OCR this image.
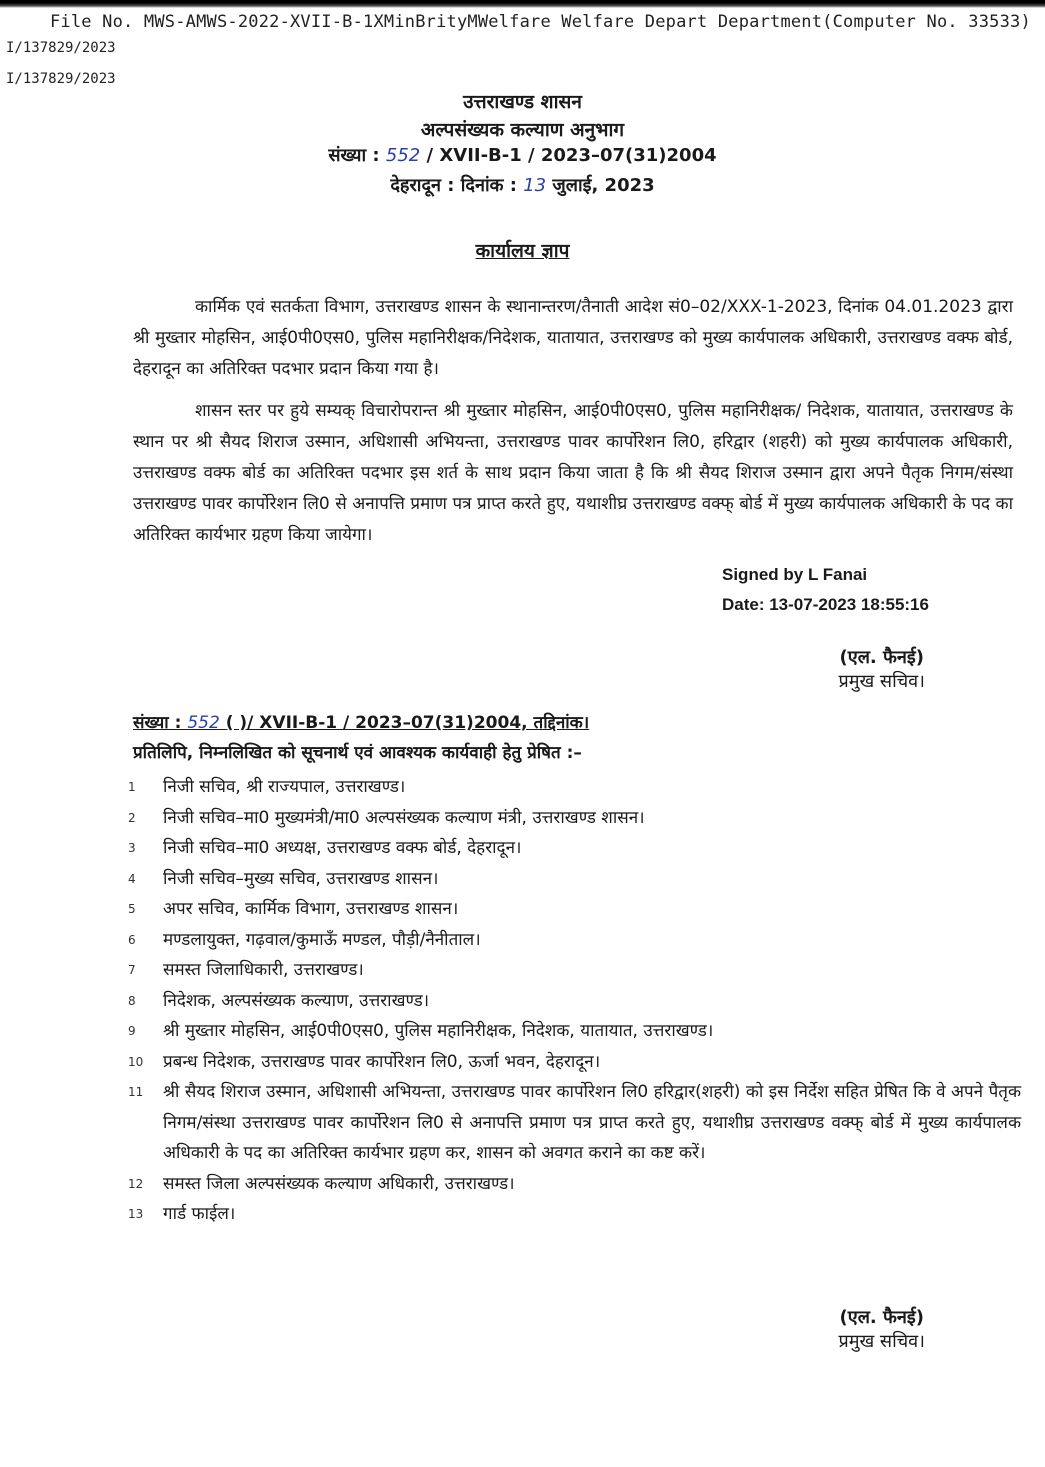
File No. MWS-AMWS-2022-XVII-B-1XMinBrityMWelfare Welfare Depart Department(Computer No. 33533)
I/137829/2023
I/137829/2023
उत्तराखण्ड शासन
अल्पसंख्यक कल्याण अनुभाग
संख्या : 552 / XVII-B-1 / 2023–07(31)2004
देहरादून : दिनांक : 13 जुलाई, 2023
कार्यालय ज्ञाप
कार्मिक एवं सतर्कता विभाग, उत्तराखण्ड शासन के स्थानान्तरण/तैनाती आदेश सं0–02/XXX-1-2023, दिनांक 04.01.2023 द्वारा श्री मुख्तार मोहसिन, आई0पी0एस0, पुलिस महानिरीक्षक/निदेशक, यातायात, उत्तराखण्ड को मुख्य कार्यपालक अधिकारी, उत्तराखण्ड वक्फ बोर्ड, देहरादून का अतिरिक्त पदभार प्रदान किया गया है।
शासन स्तर पर हुये सम्यक् विचारोपरान्त श्री मुख्तार मोहसिन, आई0पी0एस0, पुलिस महानिरीक्षक/ निदेशक, यातायात, उत्तराखण्ड के स्थान पर श्री सैयद शिराज उस्मान, अधिशासी अभियन्ता, उत्तराखण्ड पावर कार्पोरेशन लि0, हरिद्वार (शहरी) को मुख्य कार्यपालक अधिकारी, उत्तराखण्ड वक्फ बोर्ड का अतिरिक्त पदभार इस शर्त के साथ प्रदान किया जाता है कि श्री सैयद शिराज उस्मान द्वारा अपने पैतृक निगम/संस्था उत्तराखण्ड पावर कार्पोरेशन लि0 से अनापत्ति प्रमाण पत्र प्राप्त करते हुए, यथाशीघ्र उत्तराखण्ड वक्फ् बोर्ड में मुख्य कार्यपालक अधिकारी के पद का अतिरिक्त कार्यभार ग्रहण किया जायेगा।
Signed by L Fanai
Date: 13-07-2023 18:55:16
(एल. फैनई)
प्रमुख सचिव।
संख्या : 552 ( )/ XVII-B-1 / 2023–07(31)2004, तद्दिनांक।
प्रतिलिपि, निम्नलिखित को सूचनार्थ एवं आवश्यक कार्यवाही हेतु प्रेषित :–
1	निजी सचिव, श्री राज्यपाल, उत्तराखण्ड।
2	निजी सचिव–मा0 मुख्यमंत्री/मा0 अल्पसंख्यक कल्याण मंत्री, उत्तराखण्ड शासन।
3	निजी सचिव–मा0 अध्यक्ष, उत्तराखण्ड वक्फ बोर्ड, देहरादून।
4	निजी सचिव–मुख्य सचिव, उत्तराखण्ड शासन।
5	अपर सचिव, कार्मिक विभाग, उत्तराखण्ड शासन।
6	मण्डलायुक्त, गढ़वाल/कुमाऊँ मण्डल, पौड़ी/नैनीताल।
7	समस्त जिलाधिकारी, उत्तराखण्ड।
8	निदेशक, अल्पसंख्यक कल्याण, उत्तराखण्ड।
9	श्री मुख्तार मोहसिन, आई0पी0एस0, पुलिस महानिरीक्षक, निदेशक, यातायात, उत्तराखण्ड।
10	प्रबन्ध निदेशक, उत्तराखण्ड पावर कार्पोरेशन लि0, ऊर्जा भवन, देहरादून।
11	श्री सैयद शिराज उस्मान, अधिशासी अभियन्ता, उत्तराखण्ड पावर कार्पोरेशन लि0 हरिद्वार(शहरी) को इस निर्देश सहित प्रेषित कि वे अपने पैतृक निगम/संस्था उत्तराखण्ड पावर कार्पोरेशन लि0 से अनापत्ति प्रमाण पत्र प्राप्त करते हुए, यथाशीघ्र उत्तराखण्ड वक्फ् बोर्ड में मुख्य कार्यपालक अधिकारी के पद का अतिरिक्त कार्यभार ग्रहण कर, शासन को अवगत कराने का कष्ट करें।
12	समस्त जिला अल्पसंख्यक कल्याण अधिकारी, उत्तराखण्ड।
13	गार्ड फाईल।
(एल. फैनई)
प्रमुख सचिव।
